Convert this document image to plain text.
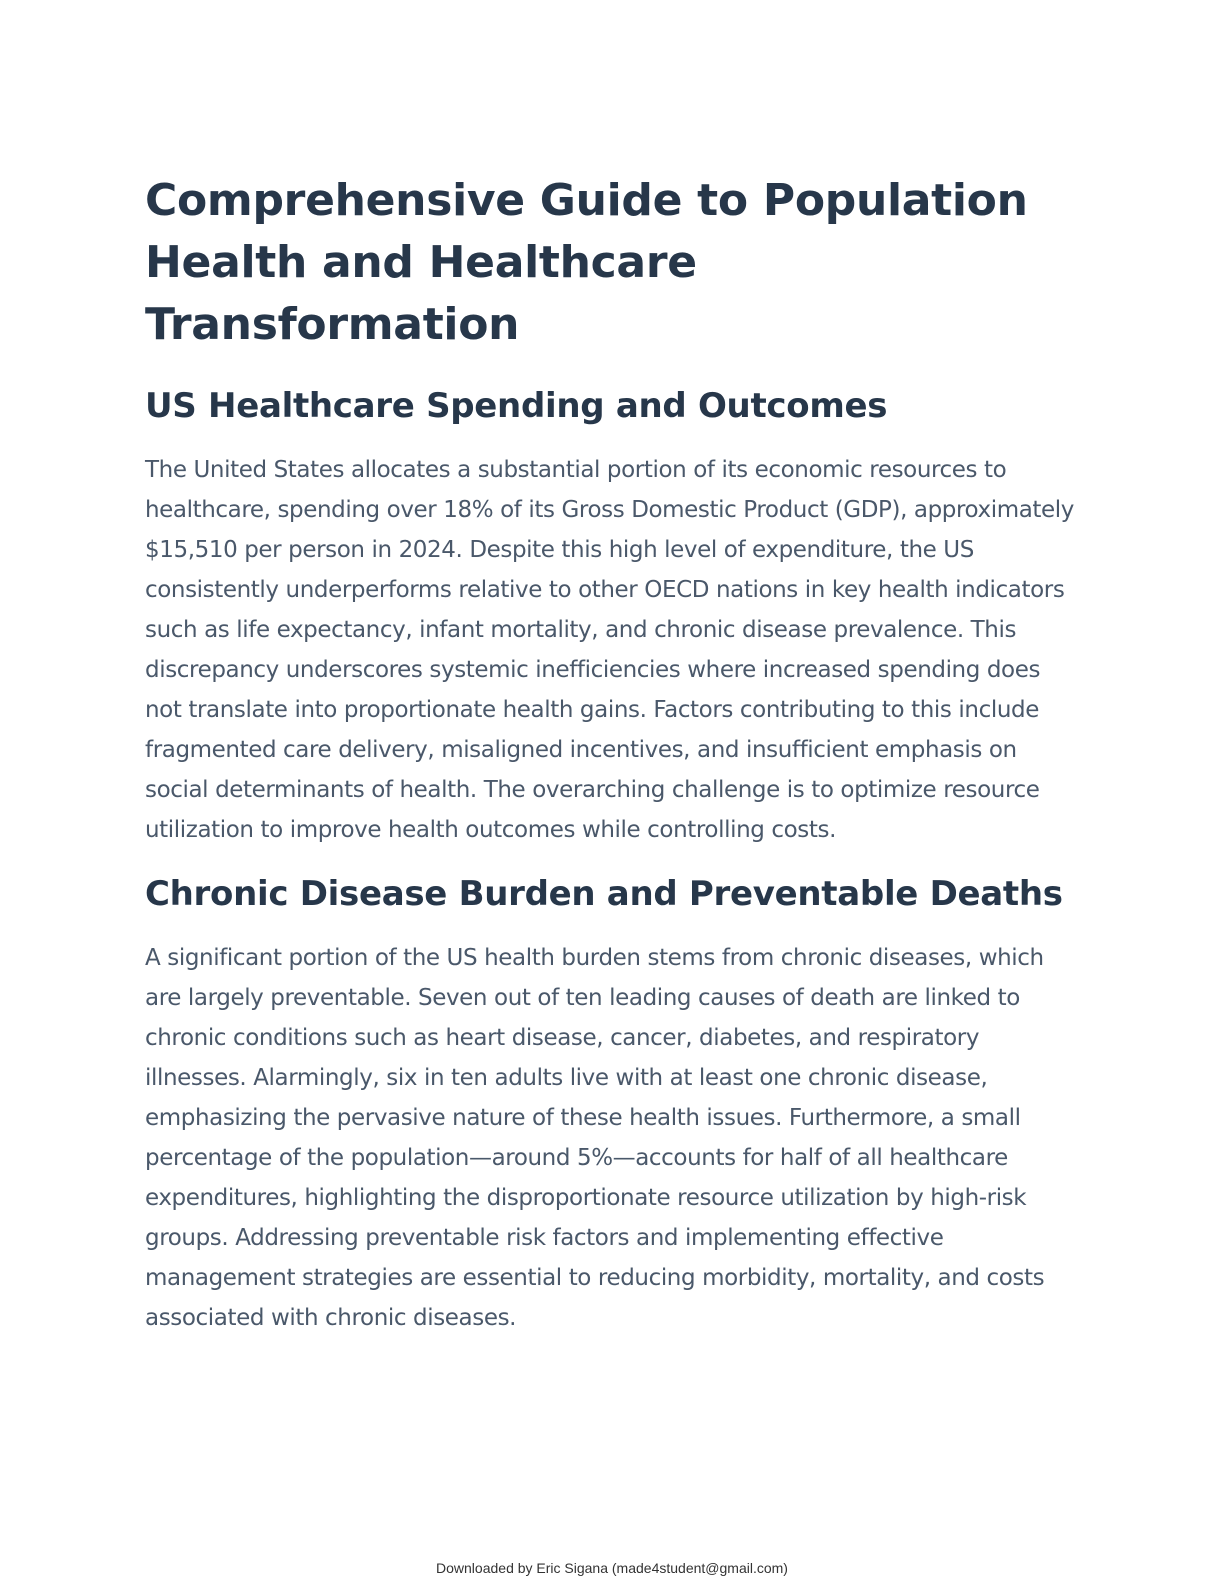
Comprehensive Guide to Population Health and Healthcare Transformation
US Healthcare Spending and Outcomes

The United States allocates a substantial portion of its economic resources to healthcare, spending over 18% of its Gross Domestic Product (GDP), approximately $15,510 per person in 2024. Despite this high level of expenditure, the US consistently underperforms relative to other OECD nations in key health indicators such as life expectancy, infant mortality, and chronic disease prevalence. This discrepancy underscores systemic inefficiencies where increased spending does not translate into proportionate health gains. Factors contributing to this include fragmented care delivery, misaligned incentives, and insufficient emphasis on social determinants of health. The overarching challenge is to optimize resource utilization to improve health outcomes while controlling costs.

Chronic Disease Burden and Preventable Deaths

A significant portion of the US health burden stems from chronic diseases, which are largely preventable. Seven out of ten leading causes of death are linked to chronic conditions such as heart disease, cancer, diabetes, and respiratory illnesses. Alarmingly, six in ten adults live with at least one chronic disease, emphasizing the pervasive nature of these health issues. Furthermore, a small percentage of the population—around 5%—accounts for half of all healthcare expenditures, highlighting the disproportionate resource utilization by high-risk groups. Addressing preventable risk factors and implementing effective management strategies are essential to reducing morbidity, mortality, and costs associated with chronic diseases.

Downloaded by Eric Sigana (made4student@gmail.com)
